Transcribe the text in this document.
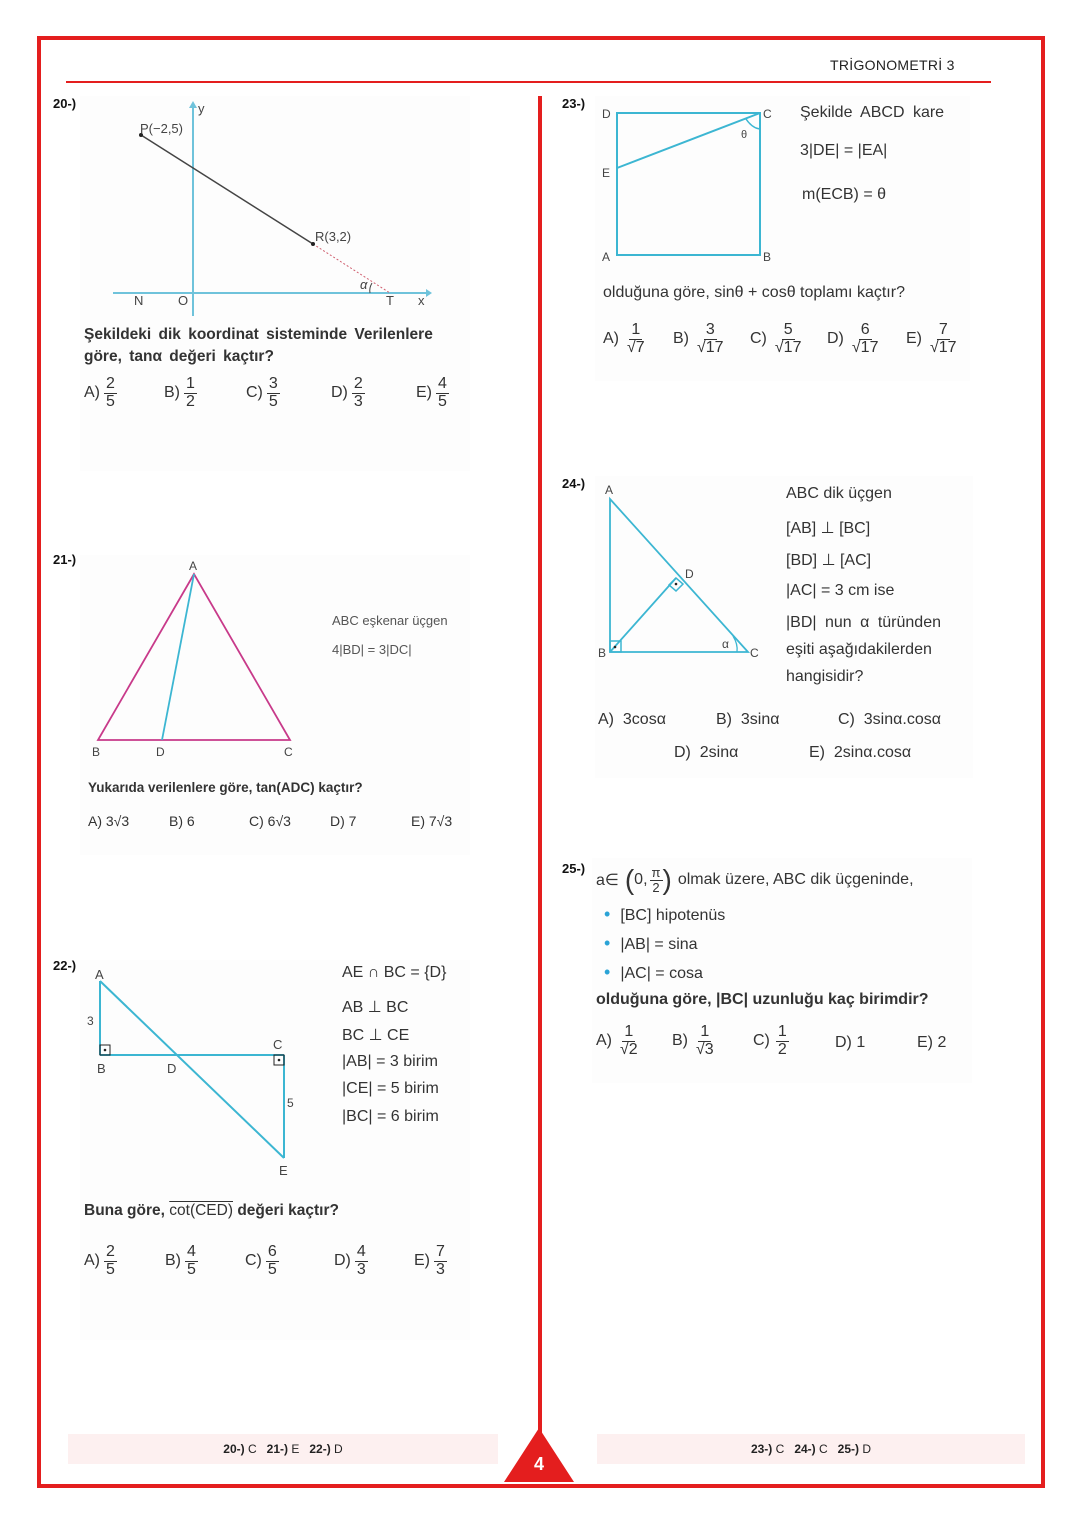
TRİGONOMETRİ 3
20-)	y
P(−2,5)
R(3,2)
N	O	T x
α
Şekildeki dik koordinat sisteminde Verilenlere
göre, tanα değeri kaçtır?
$A) \frac{2}{5}$	$B) \frac{1}{2}$	$C) \frac{3}{5}$	$D) \frac{2}{3}$	$E) \frac{4}{5}$
21-)	A
B	D	C
ABC eşkenar üçgen
4|BD| = 3|DC|
Yukarıda verilenlere göre, tan(ADC) kaçtır?
A)
3√3	B)
6	C)
6√3	D)
7	E)
7√3
22-)
A
3
B	D
C
5
E
AE ∩ BC = {D}
AB ⊥ BC
BC ⊥ CE
|AB| = 3 birim
|CE| = 5 birim
|BC| = 6 birim
Buna göre, cot(CED) değeri kaçtır?
$A) \frac{2}{5}$	$B) \frac{4}{5}$	$C) \frac{6}{5}$	$D) \frac{4}{3}$	$E) \frac{7}{3}$
23-)
D	C
E
A	B
θ
Şekilde ABCD kare
3|DE| = |EA|
m(ECB) = θ
olduğuna göre, sinθ + cosθ toplamı kaçtır?
$A) \frac{1}{√7} B) \frac{3}{√17} C) \frac{5}{√17} D) \frac{6}{√17} E) \frac{7}{√17}$
24-) A
D
B	C
α
ABC dik üçgen
[AB] ⊥ [BC]
[BD] ⊥ [AC]
|AC| = 3 cm ise
|BD| nun α türünden
eşiti aşağıdakilerden
hangisidir?
A)
3cosα	B)
3sinα	C)
3sinα.cosα
D)
2sinα	E)
2sinα.cosα
25-)
a∈ ( 0, $\frac{\pi}{2}$ ) olmak üzere, ABC dik üçgeninde,
• [BC] hipotenüs
• |AB| = sina
• |AC| = cosa
olduğuna göre, |BC| uzunluğu kaç birimdir?
$A) \frac{1}{√2} B) \frac{1}{√3} C) \frac{1}{2}$	D)
1	E)
2
20-)
C 21-)
E 22-)
D	23-)
C 24-)
C 25-)
D
4
